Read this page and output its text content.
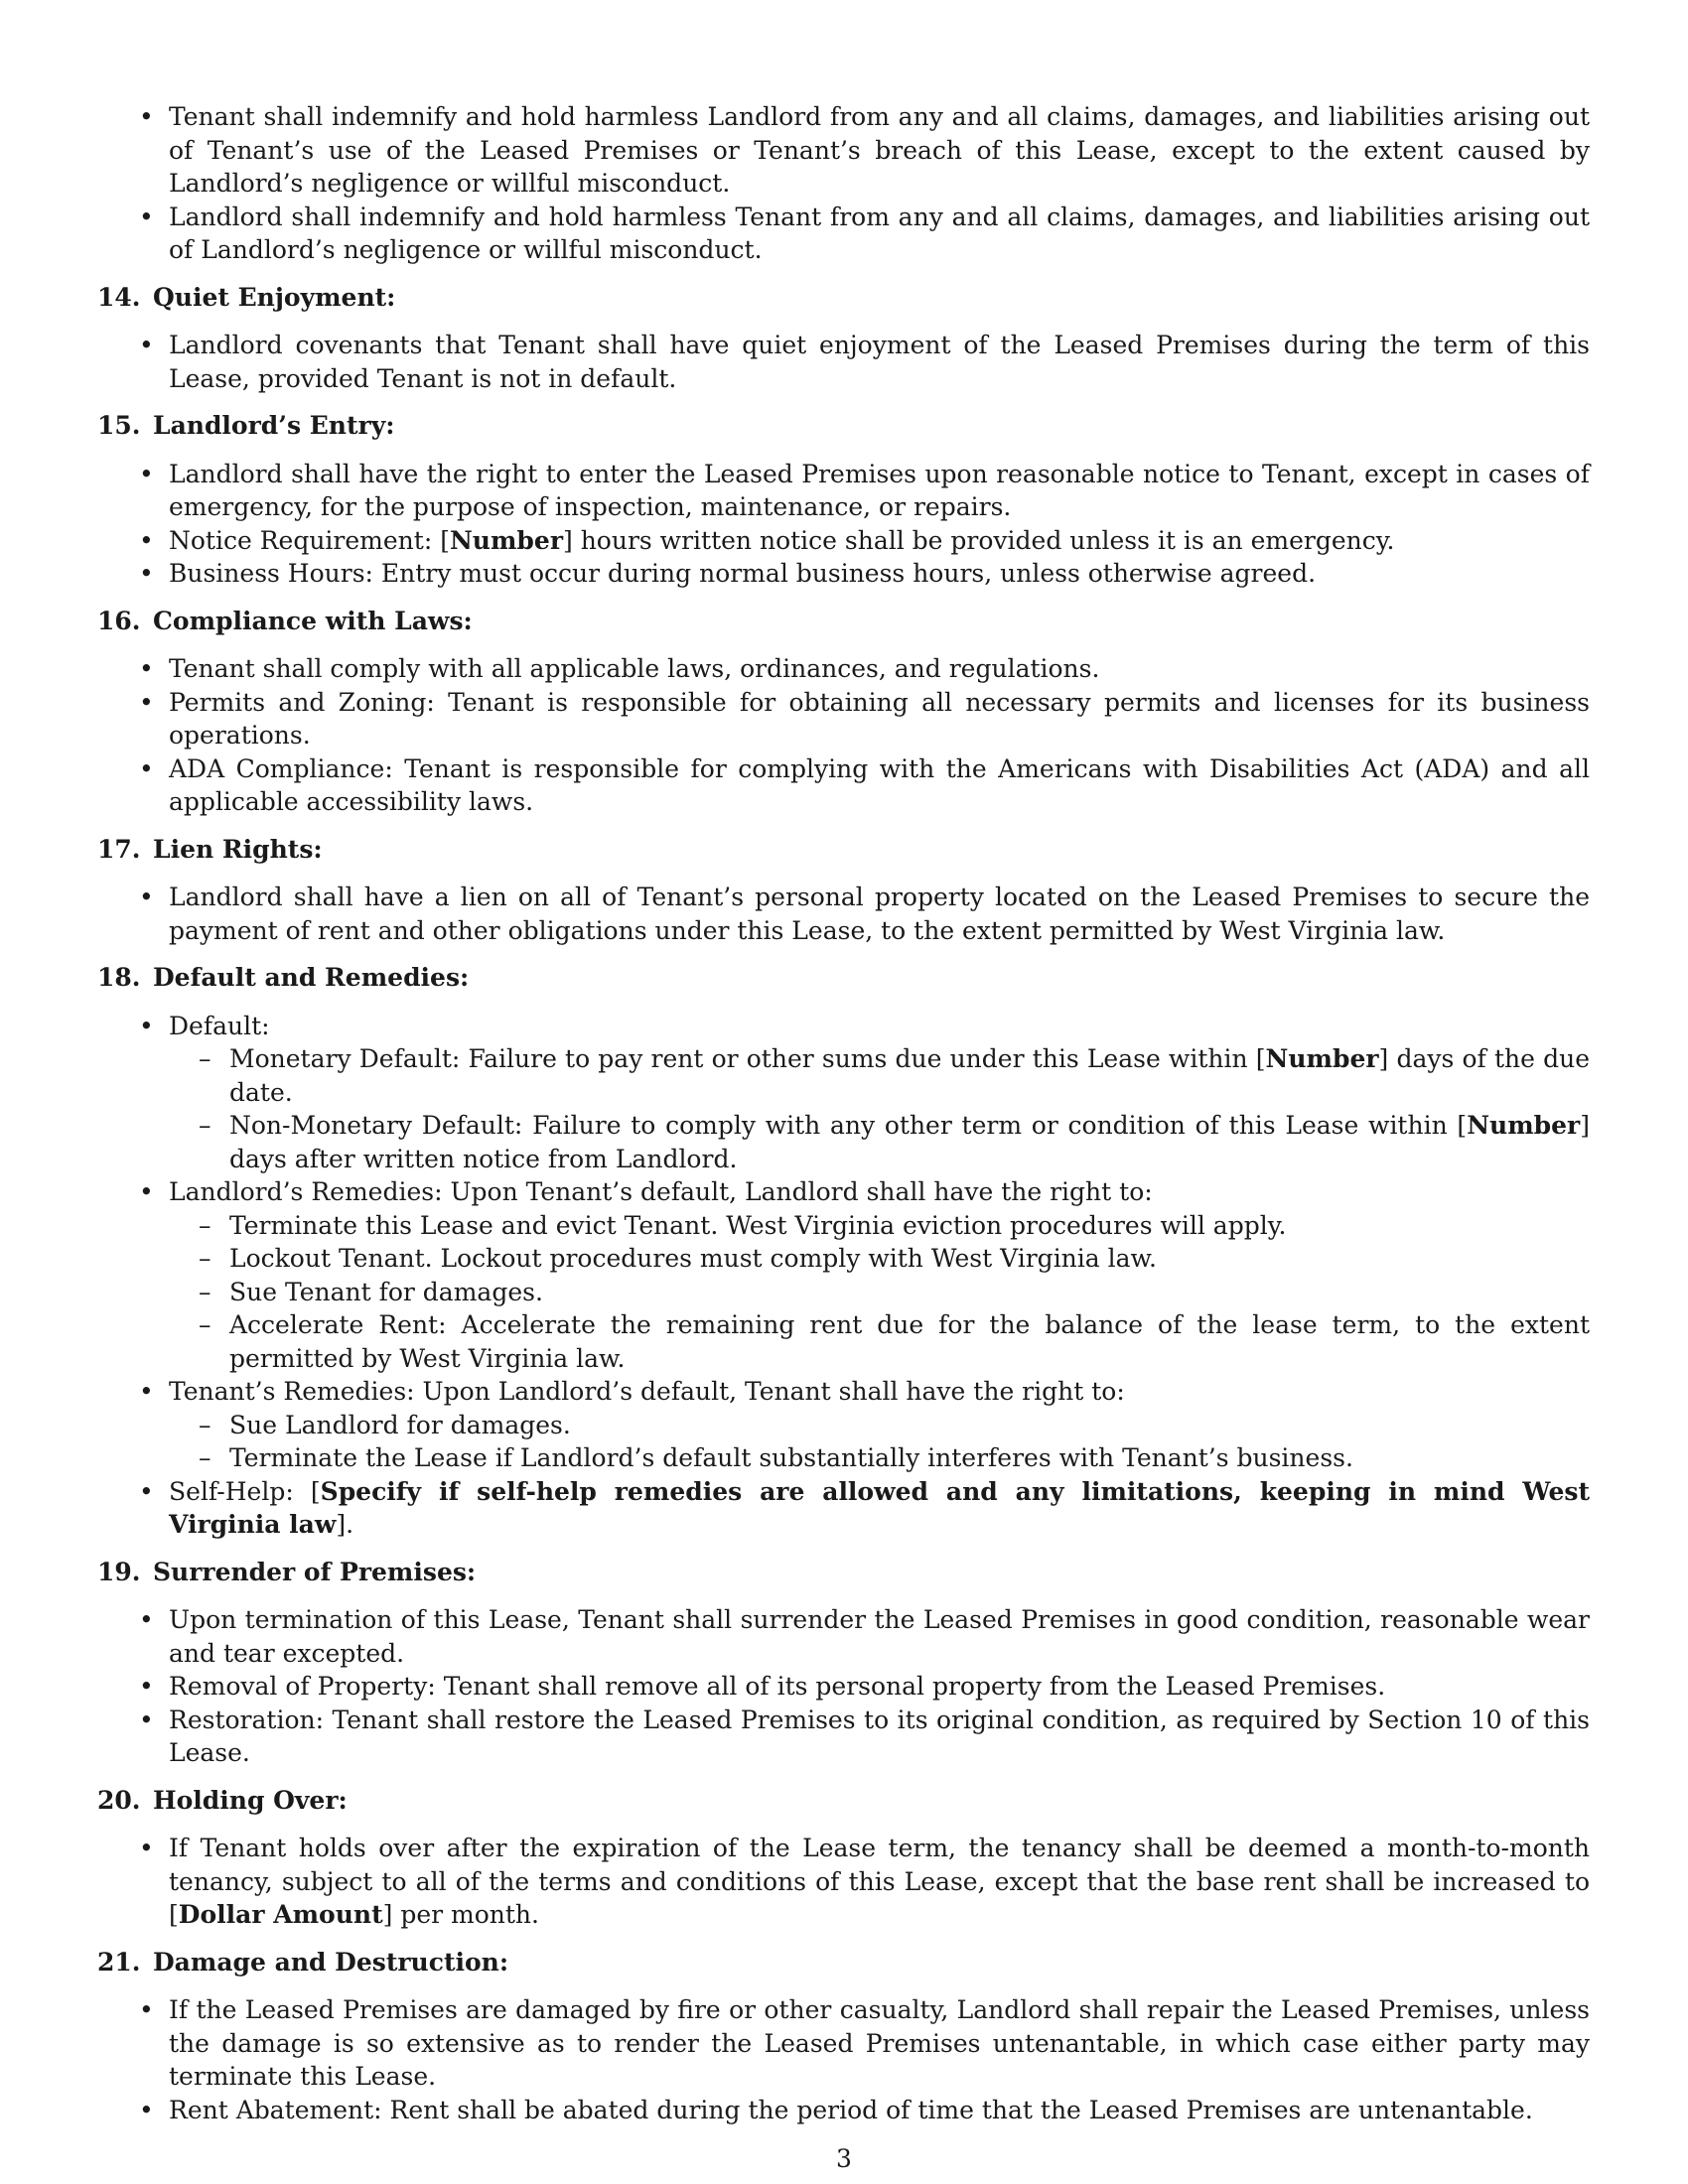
• Tenant shall indemnify and hold harmless Landlord from any and all claims, damages, and liabilities arising out of Tenant’s use of the Leased Premises or Tenant’s breach of this Lease, except to the extent caused by Landlord’s negligence or willful misconduct.
• Landlord shall indemnify and hold harmless Tenant from any and all claims, damages, and liabilities arising out of Landlord’s negligence or willful misconduct.
14. Quiet Enjoyment:
• Landlord covenants that Tenant shall have quiet enjoyment of the Leased Premises during the term of this Lease, provided Tenant is not in default.
15. Landlord’s Entry:
• Landlord shall have the right to enter the Leased Premises upon reasonable notice to Tenant, except in cases of emergency, for the purpose of inspection, maintenance, or repairs.
• Notice Requirement: [Number] hours written notice shall be provided unless it is an emergency.
• Business Hours: Entry must occur during normal business hours, unless otherwise agreed.
16. Compliance with Laws:
• Tenant shall comply with all applicable laws, ordinances, and regulations.
• Permits and Zoning: Tenant is responsible for obtaining all necessary permits and licenses for its business operations.
• ADA Compliance: Tenant is responsible for complying with the Americans with Disabilities Act (ADA) and all applicable accessibility laws.
17. Lien Rights:
• Landlord shall have a lien on all of Tenant’s personal property located on the Leased Premises to secure the payment of rent and other obligations under this Lease, to the extent permitted by West Virginia law.
18. Default and Remedies:
• Default:
– Monetary Default: Failure to pay rent or other sums due under this Lease within [Number] days of the due date.
– Non-Monetary Default: Failure to comply with any other term or condition of this Lease within [Number] days after written notice from Landlord.
• Landlord’s Remedies: Upon Tenant’s default, Landlord shall have the right to:
– Terminate this Lease and evict Tenant. West Virginia eviction procedures will apply.
– Lockout Tenant. Lockout procedures must comply with West Virginia law.
– Sue Tenant for damages.
– Accelerate Rent: Accelerate the remaining rent due for the balance of the lease term, to the extent permitted by West Virginia law.
• Tenant’s Remedies: Upon Landlord’s default, Tenant shall have the right to:
– Sue Landlord for damages.
– Terminate the Lease if Landlord’s default substantially interferes with Tenant’s business.
• Self-Help: [Specify if self-help remedies are allowed and any limitations, keeping in mind West Virginia law].
19. Surrender of Premises:
• Upon termination of this Lease, Tenant shall surrender the Leased Premises in good condition, reasonable wear and tear excepted.
• Removal of Property: Tenant shall remove all of its personal property from the Leased Premises.
• Restoration: Tenant shall restore the Leased Premises to its original condition, as required by Section 10 of this Lease.
20. Holding Over:
• If Tenant holds over after the expiration of the Lease term, the tenancy shall be deemed a month-to-month tenancy, subject to all of the terms and conditions of this Lease, except that the base rent shall be increased to [Dollar Amount] per month.
21. Damage and Destruction:
• If the Leased Premises are damaged by fire or other casualty, Landlord shall repair the Leased Premises, unless the damage is so extensive as to render the Leased Premises untenantable, in which case either party may terminate this Lease.
• Rent Abatement: Rent shall be abated during the period of time that the Leased Premises are untenantable.
3
